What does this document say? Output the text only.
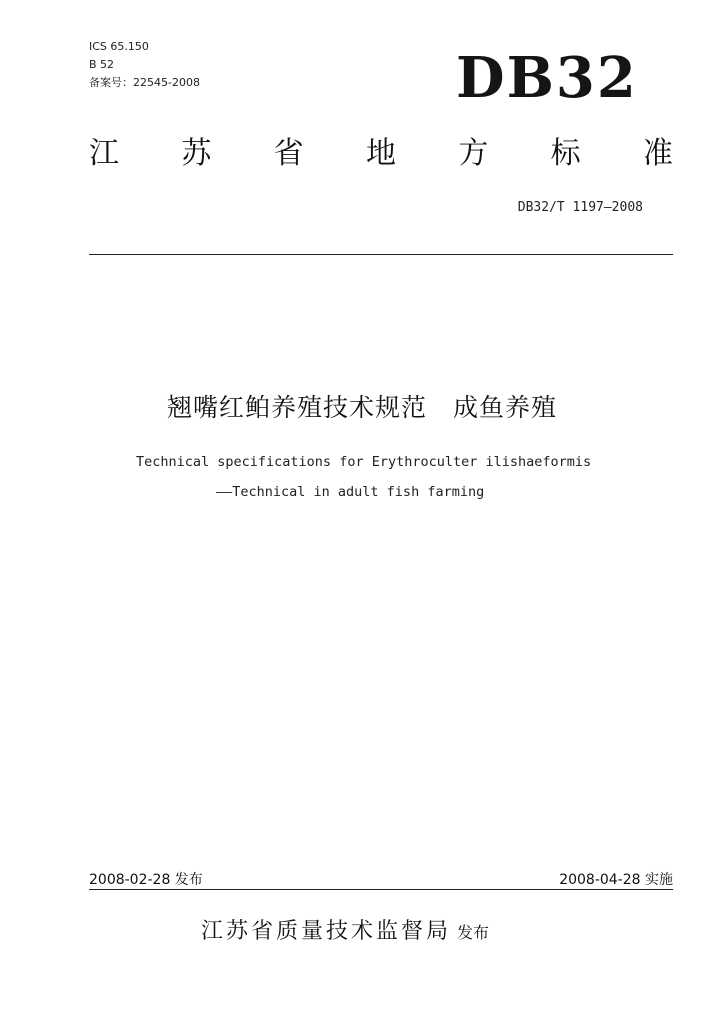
ICS 65.150
B 52
备案号：22545-2008	DB32
江 苏 省 地 方 标 准
DB32/T 1197—2008
翘嘴红鲌养殖技术规范 成鱼养殖
Technical specifications for Erythroculter ilishaeformis
——Technical in adult fish farming
2008-02-28 发布	2008-04-28 实施
江苏省质量技术监督局 发布
